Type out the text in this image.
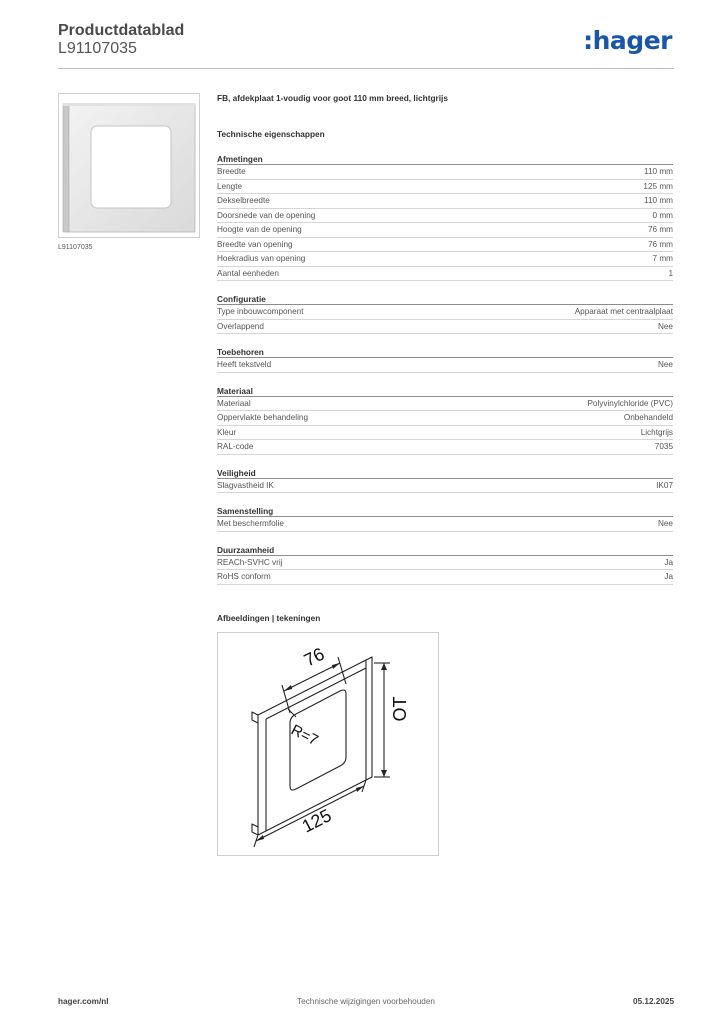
Productdatablad
L91107035	:hager
L91107035
FB, afdekplaat 1-voudig voor goot 110 mm breed, lichtgrijs
Technische eigenschappen
Afmetingen
Breedte	110 mm
Lengte	125 mm
Dekselbreedte	110 mm
Doorsnede van de opening	0 mm
Hoogte van de opening	76 mm
Breedte van opening	76 mm
Hoekradius van opening	7 mm
Aantal eenheden	1
Configuratie
Type inbouwcomponent	Apparaat met centraalplaat
Overlappend	Nee
Toebehoren
Heeft tekstveld	Nee
Materiaal
Materiaal	Polyvinylchloride (PVC)
Oppervlakte behandeling	Onbehandeld
Kleur	Lichtgrijs
RAL-code	7035
Veiligheid
Slagvastheid IK	IK07
Samenstelling
Met beschermfolie	Nee
Duurzaamheid
REACh-SVHC vrij	Ja
RoHS conform	Ja
Afbeeldingen | tekeningen
76
OT
R=7
125
Technische wijzigingen voorbehouden
hager.com/nl	05.12.2025
